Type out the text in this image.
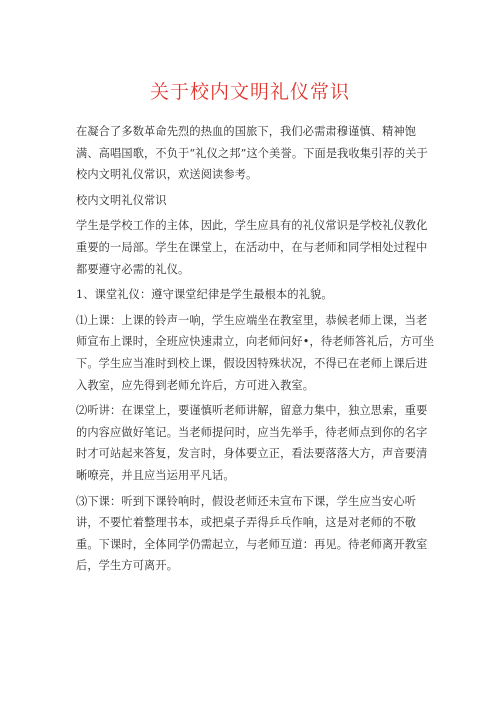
关于校内文明礼仪常识

在凝合了多数革命先烈的热血的国旅下，我们必需肃穆谨慎、精神饱满、高唱国歌，不负于“礼仪之邦”这个美誉。下面是我收集引荐的关于校内文明礼仪常识，欢送阅读参考。

校内文明礼仪常识

学生是学校工作的主体，因此，学生应具有的礼仪常识是学校礼仪教化重要的一局部。学生在课堂上，在活动中，在与老师和同学相处过程中都要遵守必需的礼仪。

1、课堂礼仪：遵守课堂纪律是学生最根本的礼貌。

⑴上课：上课的铃声一响，学生应端坐在教室里，恭候老师上课，当老师宣布上课时，全班应快速肃立，向老师问好•，待老师答礼后，方可坐下。学生应当准时到校上课，假设因特殊状况，不得已在老师上课后进入教室，应先得到老师允许后，方可进入教室。

⑵听讲：在课堂上，要谨慎听老师讲解，留意力集中，独立思索，重要的内容应做好笔记。当老师提问时，应当先举手，待老师点到你的名字时才可站起来答复，发言时，身体要立正，看法要落落大方，声音要清晰嘹亮，并且应当运用平凡话。

⑶下课：听到下课铃响时，假设老师还未宣布下课，学生应当安心听讲，不要忙着整理书本，或把桌子弄得乒乓作响，这是对老师的不敬重。下课时，全体同学仍需起立，与老师互道：再见。待老师离开教室后，学生方可离开。
